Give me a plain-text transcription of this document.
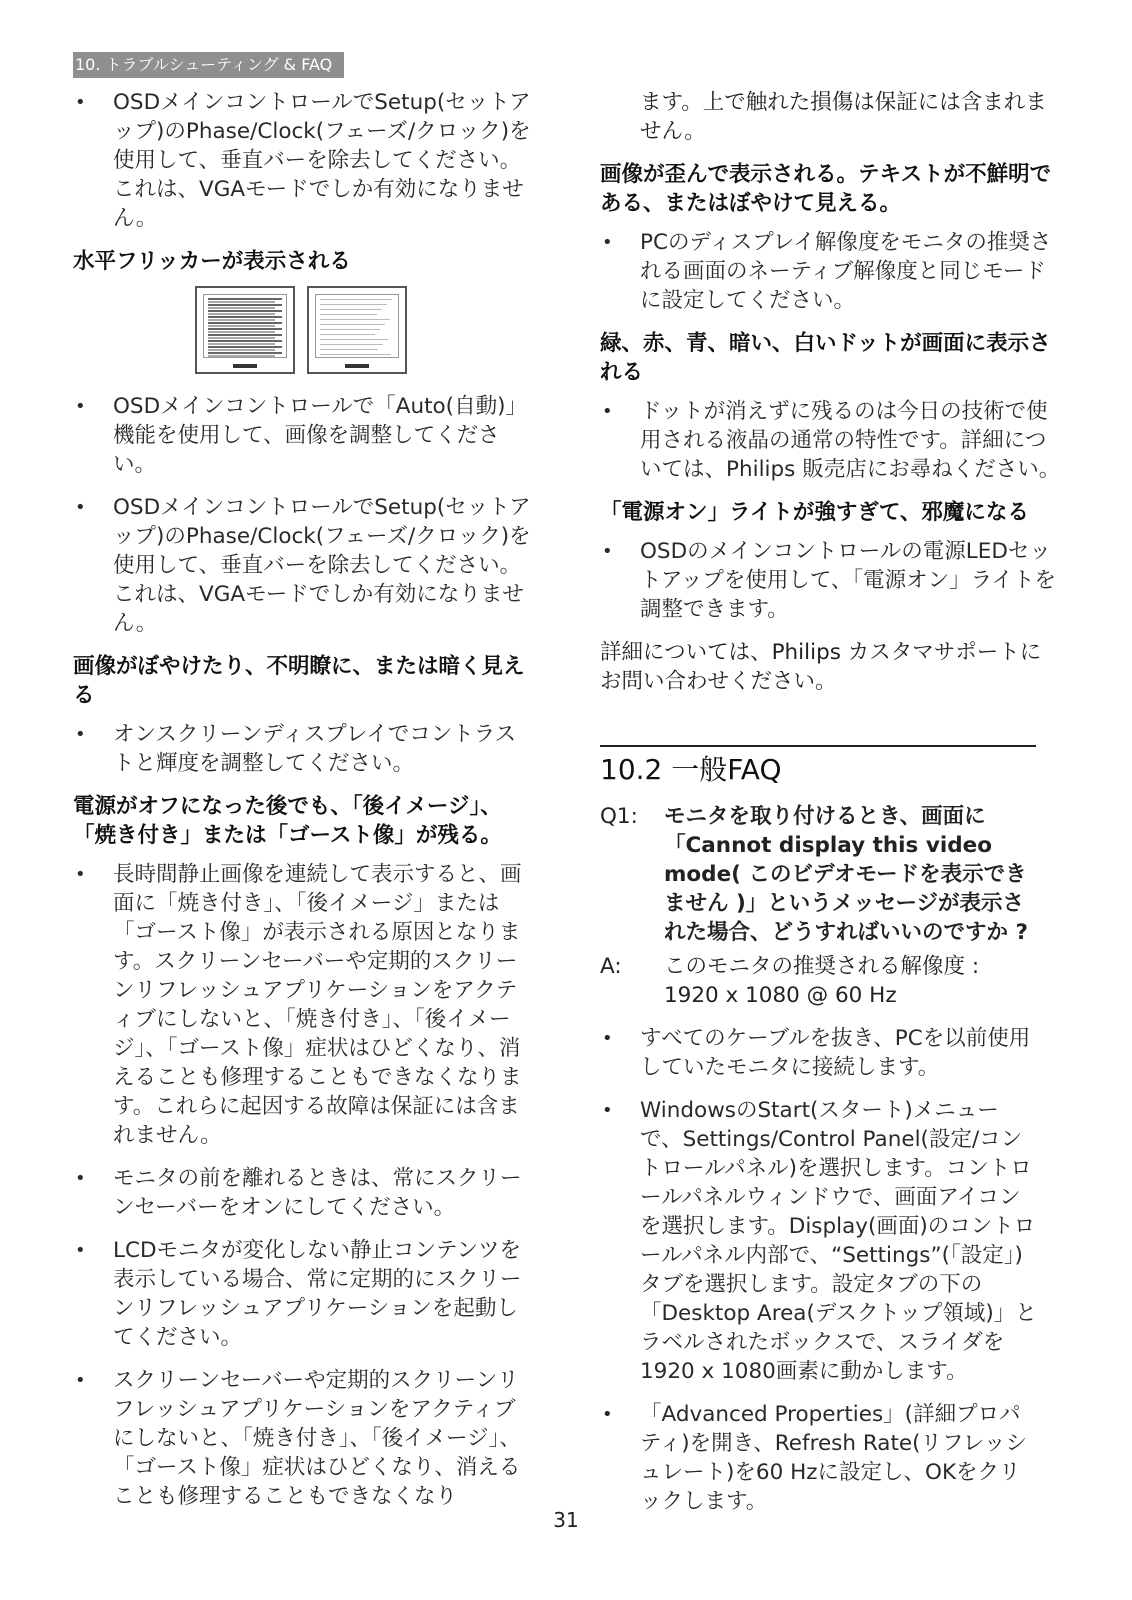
10. トラブルシューティング & FAQ
• OSDメインコントロールでSetup(セットアップ)のPhase/Clock(フェーズ/クロック)を使用して、垂直バーを除去してください。これは、VGAモードでしか有効になりません。
水平フリッカーが表示される
• OSDメインコントロールで「Auto(自動)」機能を使用して、画像を調整してください。
• OSDメインコントロールでSetup(セットアップ)のPhase/Clock(フェーズ/クロック)を使用して、垂直バーを除去してください。これは、VGAモードでしか有効になりません。
画像がぼやけたり、不明瞭に、または暗く見える
• オンスクリーンディスプレイでコントラストと輝度を調整してください。
電源がオフになった後でも、「後イメージ」、「焼き付き」または「ゴースト像」が残る。
• 長時間静止画像を連続して表示すると、画面に「焼き付き」、「後イメージ」または「ゴースト像」が表示される原因となります。スクリーンセーバーや定期的スクリーンリフレッシュアプリケーションをアクティブにしないと、「焼き付き」、「後イメージ」、「ゴースト像」症状はひどくなり、消えることも修理することもできなくなります。これらに起因する故障は保証には含まれません。
• モニタの前を離れるときは、常にスクリーンセーバーをオンにしてください。
• LCDモニタが変化しない静止コンテンツを表示している場合、常に定期的にスクリーンリフレッシュアプリケーションを起動してください。
• スクリーンセーバーや定期的スクリーンリフレッシュアプリケーションをアクティブにしないと、「焼き付き」、「後イメージ」、「ゴースト像」症状はひどくなり、消えることも修理することもできなくなり
ます。上で触れた損傷は保証には含まれません。
画像が歪んで表示される。テキストが不鮮明である、またはぼやけて見える。
• PCのディスプレイ解像度をモニタの推奨される画面のネーティブ解像度と同じモードに設定してください。
緑、赤、青、暗い、白いドットが画面に表示される
• ドットが消えずに残るのは今日の技術で使用される液晶の通常の特性です。詳細については、Philips 販売店にお尋ねください。
「電源オン」ライトが強すぎて、邪魔になる
• OSDのメインコントロールの電源LEDセットアップを使用して、「電源オン」ライトを調整できます。
詳細については、Philips カスタマサポートにお問い合わせください。
10.2 一般FAQ
Q1: モニタを取り付けるとき、画面に「Cannot display this video mode( このビデオモードを表示できません )」というメッセージが表示された場合、どうすればいいのですか ?
A: このモニタの推奨される解像度 :
1920 x 1080 @ 60 Hz
• すべてのケーブルを抜き、PCを以前使用していたモニタに接続します。
• WindowsのStart(スタート)メニューで、Settings/Control Panel(設定/コントロールパネル)を選択します。コントロールパネルウィンドウで、画面アイコンを選択します。Display(画面)のコントロールパネル内部で、“Settings”(「設定」)タブを選択します。設定タブの下の「Desktop Area(デスクトップ領域)」とラベルされたボックスで、スライダを1920 x 1080画素に動かします。
• 「Advanced Properties」(詳細プロパティ)を開き、Refresh Rate(リフレッシュレート)を60 Hzに設定し、OKをクリックします。
31
